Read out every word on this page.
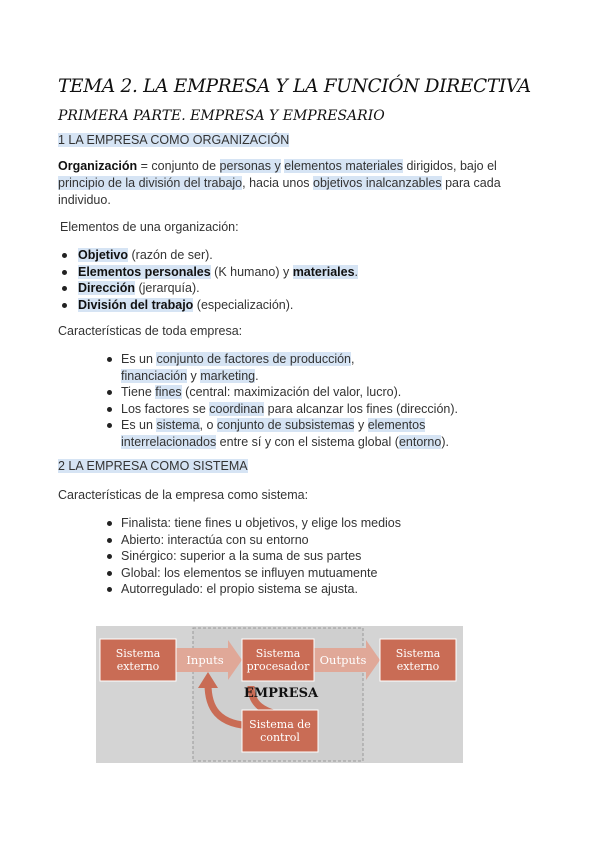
TEMA 2. LA EMPRESA Y LA FUNCIÓN DIRECTIVA
PRIMERA PARTE. EMPRESA Y EMPRESARIO
1 LA EMPRESA COMO ORGANIZACIÓN

Organización = conjunto de personas y elementos materiales dirigidos, bajo el principio de la división del trabajo, hacia unos objetivos inalcanzables para cada individuo.

Elementos de una organización:

Objetivo (razón de ser).
Elementos personales (K humano) y materiales.
Dirección (jerarquía).
División del trabajo (especialización).

Características de toda empresa:

Es un conjunto de factores de producción, financiación y marketing.
Tiene fines (central: maximización del valor, lucro).
Los factores se coordinan para alcanzar los fines (dirección).
Es un sistema, o conjunto de subsistemas y elementos interrelacionados entre sí y con el sistema global (entorno).
2 LA EMPRESA COMO SISTEMA

Características de la empresa como sistema:

Finalista: tiene fines u objetivos, y elige los medios
Abierto: interactúa con su entorno
Sinérgico: superior a la suma de sus partes
Global: los elementos se influyen mutuamente
Autorregulado: el propio sistema se ajusta.
Sistema externo	Inputs	Sistema procesador Outputs	Sistema externo
EMPRESA
Sistema de control
